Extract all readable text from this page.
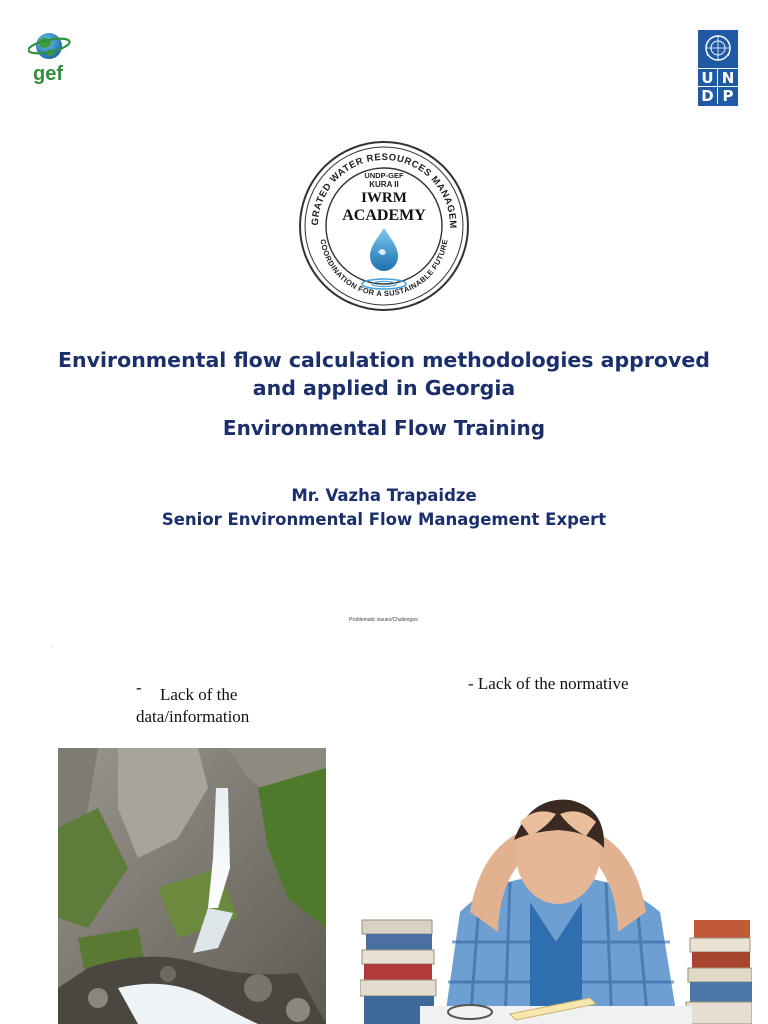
gef	U N
D P
GRATED WATER RESOURCES MANAGEM
COORDINATION FOR A SUSTAINABLE FUTURE
UNDP-GEF
KURA II
IWRM
ACADEMY
Environmental flow calculation methodologies approved
and applied in Georgia
Environmental Flow Training
Mr. Vazha Trapaidze
Senior Environmental Flow Management Expert
Problematic issues/Challenges:
.
-	Lack of the
data/information
- Lack of the normative
